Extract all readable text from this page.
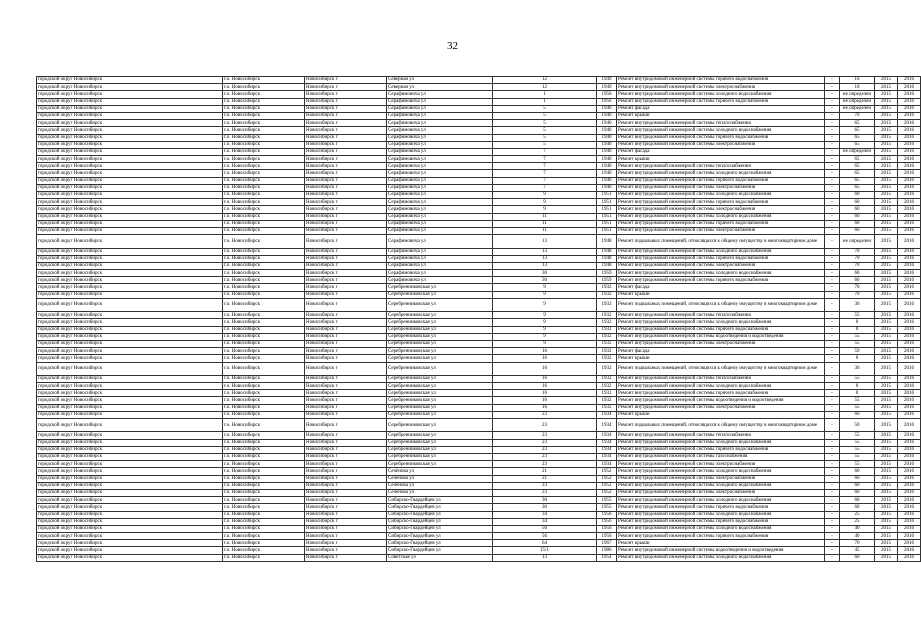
32
городской округ Новосибирск	г.о. Новосибирск	Новосибирск г	Северная ул	12	1949	Ремонт внутридомовой инженерной системы горячего водоснабжения	-	10	2015	2016
городской округ Новосибирск	г.о. Новосибирск	Новосибирск г	Северная ул	12	1949	Ремонт внутридомовой инженерной системы электроснабжения	-	10	2015	2016
городской округ Новосибирск	г.о. Новосибирск	Новосибирск г	Серафимовича ул	1	1956	Ремонт внутридомовой инженерной системы холодного водоснабжения	-	не определен	2015	2016
городской округ Новосибирск	г.о. Новосибирск	Новосибирск г	Серафимовича ул	1	1956	Ремонт внутридомовой инженерной системы горячего водоснабжения	-	не определен	2015	2016
городской округ Новосибирск	г.о. Новосибирск	Новосибирск г	Серафимовича ул	5	1940	Ремонт фасада	-	не определен	2015	2016
городской округ Новосибирск	г.о. Новосибирск	Новосибирск г	Серафимовича ул	5	1940	Ремонт крыши	-	70	2015	2016
городской округ Новосибирск	г.о. Новосибирск	Новосибирск г	Серафимовича ул	5	1940	Ремонт внутридомовой инженерной системы теплоснабжения	-	65	2015	2016
городской округ Новосибирск	г.о. Новосибирск	Новосибирск г	Серафимовича ул	5	1940	Ремонт внутридомовой инженерной системы холодного водоснабжения	-	65	2015	2016
городской округ Новосибирск	г.о. Новосибирск	Новосибирск г	Серафимовича ул	5	1940	Ремонт внутридомовой инженерной системы горячего водоснабжения	-	65	2015	2016
городской округ Новосибирск	г.о. Новосибирск	Новосибирск г	Серафимовича ул	5	1940	Ремонт внутридомовой инженерной системы электроснабжения	-	65	2015	2016
городской округ Новосибирск	г.о. Новосибирск	Новосибирск г	Серафимовича ул	7	1940	Ремонт фасада	-	не определен	2015	2016
городской округ Новосибирск	г.о. Новосибирск	Новосибирск г	Серафимовича ул	7	1940	Ремонт крыши	-	65	2015	2016
городской округ Новосибирск	г.о. Новосибирск	Новосибирск г	Серафимовича ул	7	1940	Ремонт внутридомовой инженерной системы теплоснабжения	-	65	2015	2016
городской округ Новосибирск	г.о. Новосибирск	Новосибирск г	Серафимовича ул	7	1940	Ремонт внутридомовой инженерной системы холодного водоснабжения	-	65	2015	2016
городской округ Новосибирск	г.о. Новосибирск	Новосибирск г	Серафимовича ул	7	1940	Ремонт внутридомовой инженерной системы горячего водоснабжения	-	65	2015	2016
городской округ Новосибирск	г.о. Новосибирск	Новосибирск г	Серафимовича ул	7	1940	Ремонт внутридомовой инженерной системы электроснабжения	-	65	2015	2016
городской округ Новосибирск	г.о. Новосибирск	Новосибирск г	Серафимовича ул	9	1951	Ремонт внутридомовой инженерной системы холодного водоснабжения	-	60	2015	2016
городской округ Новосибирск	г.о. Новосибирск	Новосибирск г	Серафимовича ул	9	1951	Ремонт внутридомовой инженерной системы горячего водоснабжения	-	60	2015	2016
городской округ Новосибирск	г.о. Новосибирск	Новосибирск г	Серафимовича ул	9	1951	Ремонт внутридомовой инженерной системы электроснабжения	-	60	2015	2016
городской округ Новосибирск	г.о. Новосибирск	Новосибирск г	Серафимовича ул	11	1951	Ремонт внутридомовой инженерной системы холодного водоснабжения	-	60	2015	2016
городской округ Новосибирск	г.о. Новосибирск	Новосибирск г	Серафимовича ул	11	1951	Ремонт внутридомовой инженерной системы горячего водоснабжения	-	60	2015	2016
городской округ Новосибирск	г.о. Новосибирск	Новосибирск г	Серафимовича ул	11	1951	Ремонт внутридомовой инженерной системы электроснабжения	-	60	2015	2016
городской округ Новосибирск	г.о. Новосибирск	Новосибирск г	Серафимовича ул	13	1948	Ремонт подвальных помещений, относящихся к общему имуществу в многоквартирном доме	-	не определен	2015	2016
городской округ Новосибирск	г.о. Новосибирск	Новосибирск г	Серафимовича ул	13	1948	Ремонт внутридомовой инженерной системы холодного водоснабжения	-	70	2015	2016
городской округ Новосибирск	г.о. Новосибирск	Новосибирск г	Серафимовича ул	13	1948	Ремонт внутридомовой инженерной системы горячего водоснабжения	-	70	2015	2016
городской округ Новосибирск	г.о. Новосибирск	Новосибирск г	Серафимовича ул	13	1948	Ремонт внутридомовой инженерной системы электроснабжения	-	70	2015	2016
городской округ Новосибирск	г.о. Новосибирск	Новосибирск г	Серафимовича ул	30	1959	Ремонт внутридомовой инженерной системы холодного водоснабжения	-	60	2015	2016
городской округ Новосибирск	г.о. Новосибирск	Новосибирск г	Серафимовича ул	30	1959	Ремонт внутридомовой инженерной системы горячего водоснабжения	-	60	2015	2016
городской округ Новосибирск	г.о. Новосибирск	Новосибирск г	Серебренниковская ул	9	1932	Ремонт фасада	-	70	2015	2016
городской округ Новосибирск	г.о. Новосибирск	Новосибирск г	Серебренниковская ул	9	1932	Ремонт крыши	-	70	2015	2016
городской округ Новосибирск	г.о. Новосибирск	Новосибирск г	Серебренниковская ул	9	1932	Ремонт подвальных помещений, относящихся к общему имуществу в многоквартирном доме	-	36	2015	2016
городской округ Новосибирск	г.о. Новосибирск	Новосибирск г	Серебренниковская ул	9	1932	Ремонт внутридомовой инженерной системы теплоснабжения	-	55	2015	2016
городской округ Новосибирск	г.о. Новосибирск	Новосибирск г	Серебренниковская ул	9	1932	Ремонт внутридомовой инженерной системы холодного водоснабжения	-	0	2015	2016
городской округ Новосибирск	г.о. Новосибирск	Новосибирск г	Серебренниковская ул	9	1932	Ремонт внутридомовой инженерной системы горячего водоснабжения	-	0	2015	2016
городской округ Новосибирск	г.о. Новосибирск	Новосибирск г	Серебренниковская ул	9	1932	Ремонт внутридомовой инженерной системы водоотведения и водоотведения	-	55	2015	2016
городской округ Новосибирск	г.о. Новосибирск	Новосибирск г	Серебренниковская ул	9	1932	Ремонт внутридомовой инженерной системы электроснабжения	-	55	2015	2016
городской округ Новосибирск	г.о. Новосибирск	Новосибирск г	Серебренниковская ул	16	1932	Ремонт фасада	-	59	2015	2016
городской округ Новосибирск	г.о. Новосибирск	Новосибирск г	Серебренниковская ул	16	1932	Ремонт крыши	-	0	2015	2016
городской округ Новосибирск	г.о. Новосибирск	Новосибирск г	Серебренниковская ул	16	1932	Ремонт подвальных помещений, относящихся к общему имуществу в многоквартирном доме	-	36	2015	2016
городской округ Новосибирск	г.о. Новосибирск	Новосибирск г	Серебренниковская ул	16	1932	Ремонт внутридомовой инженерной системы теплоснабжения	-	55	2015	2016
городской округ Новосибирск	г.о. Новосибирск	Новосибирск г	Серебренниковская ул	16	1932	Ремонт внутридомовой инженерной системы холодного водоснабжения	-	0	2015	2016
городской округ Новосибирск	г.о. Новосибирск	Новосибирск г	Серебренниковская ул	16	1932	Ремонт внутридомовой инженерной системы горячего водоснабжения	-	0	2015	2016
городской округ Новосибирск	г.о. Новосибирск	Новосибирск г	Серебренниковская ул	16	1932	Ремонт внутридомовой инженерной системы водоотведения и водоотведения	-	55	2015	2016
городской округ Новосибирск	г.о. Новосибирск	Новосибирск г	Серебренниковская ул	16	1932	Ремонт внутридомовой инженерной системы электроснабжения	-	55	2015	2016
городской округ Новосибирск	г.о. Новосибирск	Новосибирск г	Серебренниковская ул	23	1934	Ремонт крыши	-	60	2015	2016
городской округ Новосибирск	г.о. Новосибирск	Новосибирск г	Серебренниковская ул	23	1934	Ремонт подвальных помещений, относящихся к общему имуществу в многоквартирном доме	-	50	2015	2016
городской округ Новосибирск	г.о. Новосибирск	Новосибирск г	Серебренниковская ул	23	1934	Ремонт внутридомовой инженерной системы теплоснабжения	-	55	2015	2016
городской округ Новосибирск	г.о. Новосибирск	Новосибирск г	Серебренниковская ул	23	1934	Ремонт внутридомовой инженерной системы холодного водоснабжения	-	55	2015	2016
городской округ Новосибирск	г.о. Новосибирск	Новосибирск г	Серебренниковская ул	23	1934	Ремонт внутридомовой инженерной системы горячего водоснабжения	-	55	2015	2016
городской округ Новосибирск	г.о. Новосибирск	Новосибирск г	Серебренниковская ул	23	1934	Ремонт внутридомовой инженерной системы газоснабжения	-	55	2015	2016
городской округ Новосибирск	г.о. Новосибирск	Новосибирск г	Серебренниковская ул	23	1934	Ремонт внутридомовой инженерной системы электроснабжения	-	55	2015	2016
городской округ Новосибирск	г.о. Новосибирск	Новосибирск г	Сечёнова ул	21	1952	Ремонт внутридомовой инженерной системы холодного водоснабжения	-	60	2015	2016
городской округ Новосибирск	г.о. Новосибирск	Новосибирск г	Сечёнова ул	21	1952	Ремонт внутридомовой инженерной системы электроснабжения	-	60	2015	2016
городской округ Новосибирск	г.о. Новосибирск	Новосибирск г	Сечёнова ул	23	1952	Ремонт внутридомовой инженерной системы холодного водоснабжения	-	60	2015	2016
городской округ Новосибирск	г.о. Новосибирск	Новосибирск г	Сечёнова ул	23	1952	Ремонт внутридомовой инженерной системы электроснабжения	-	60	2015	2016
городской округ Новосибирск	г.о. Новосибирск	Новосибирск г	Сибирско-Гвардейцев ул	30	1955	Ремонт внутридомовой инженерной системы холодного водоснабжения	-	60	2015	2016
городской округ Новосибирск	г.о. Новосибирск	Новосибирск г	Сибирско-Гвардейцев ул	30	1955	Ремонт внутридомовой инженерной системы горячего водоснабжения	-	60	2015	2016
городской округ Новосибирск	г.о. Новосибирск	Новосибирск г	Сибирско-Гвардейцев ул	34	1956	Ремонт внутридомовой инженерной системы холодного водоснабжения	-	25	2015	2016
городской округ Новосибирск	г.о. Новосибирск	Новосибирск г	Сибирско-Гвардейцев ул	34	1956	Ремонт внутридомовой инженерной системы горячего водоснабжения	-	25	2015	2016
городской округ Новосибирск	г.о. Новосибирск	Новосибирск г	Сибирско-Гвардейцев ул	56	1956	Ремонт внутридомовой инженерной системы холодного водоснабжения	-	40	2015	2016
городской округ Новосибирск	г.о. Новосибирск	Новосибирск г	Сибирско-Гвардейцев ул	56	1956	Ремонт внутридомовой инженерной системы горячего водоснабжения	-	40	2015	2016
городской округ Новосибирск	г.о. Новосибирск	Новосибирск г	Сибирско-Гвардейцев ул	64	1967	Ремонт крыши	-	70	2015	2016
городской округ Новосибирск	г.о. Новосибирск	Новосибирск г	Сибирско-Гвардейцев ул	15/1	1986	Ремонт внутридомовой инженерной системы водоотведения и водоотведения	-	45	2015	2016
городской округ Новосибирск	г.о. Новосибирск	Новосибирск г	Советская ул	13	1954	Ремонт внутридомовой инженерной системы холодного водоснабжения	-	60	2015	2016
